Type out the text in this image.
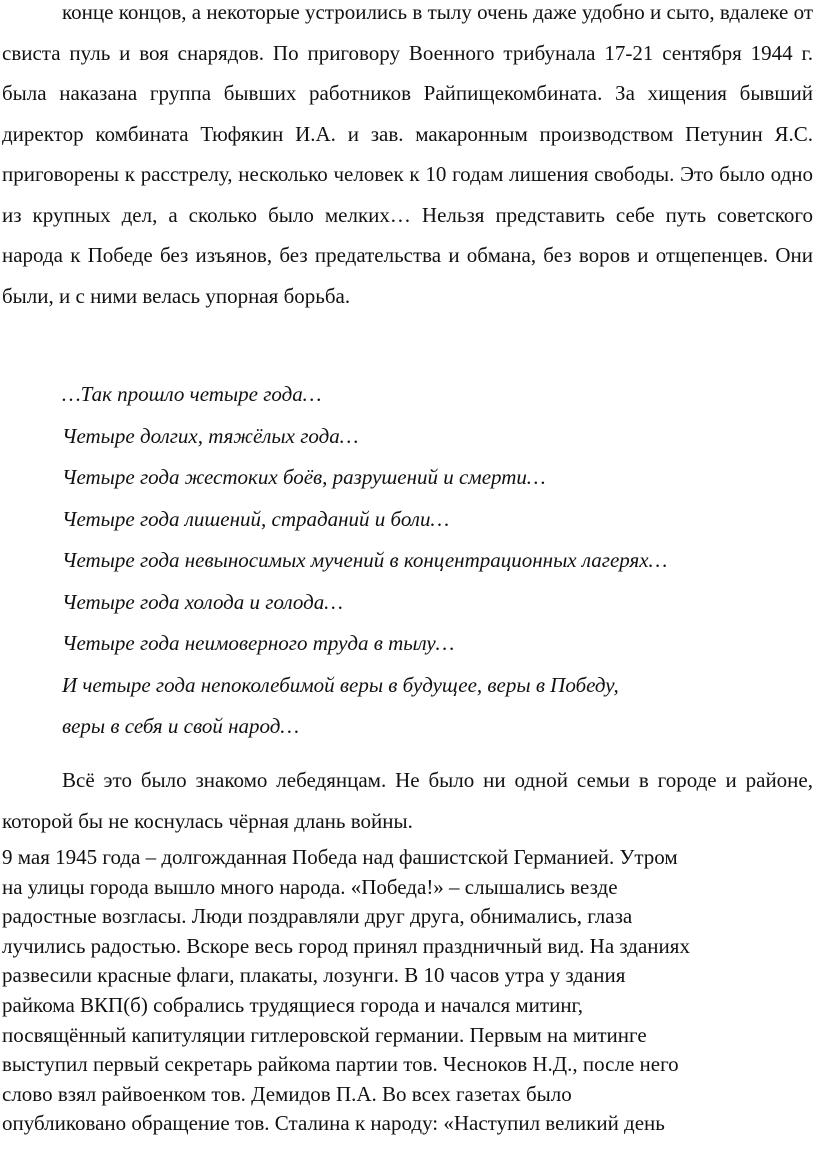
конце концов, а некоторые устроились в тылу очень даже удобно и сыто, вдалеке от свиста пуль и воя снарядов. По приговору Военного трибунала 17-21 сентября 1944 г. была наказана группа бывших работников Райпищекомбината. За хищения бывший директор комбината Тюфякин И.А. и зав. макаронным производством Петунин Я.С. приговорены к расстрелу, несколько человек к 10 годам лишения свободы. Это было одно из крупных дел, а сколько было мелких… Нельзя представить себе путь советского народа к Победе без изъянов, без предательства и обмана, без воров и отщепенцев. Они были, и с ними велась упорная борьба.

…Так прошло четыре года…
Четыре долгих, тяжёлых года…
Четыре года жестоких боёв, разрушений и смерти…
Четыре года лишений, страданий и боли…
Четыре года невыносимых мучений в концентрационных лагерях…
Четыре года холода и голода…
Четыре года неимоверного труда в тылу…
И четыре года непоколебимой веры в будущее, веры в Победу,
веры в себя и свой народ…

Всё это было знакомо лебедянцам. Не было ни одной семьи в городе и районе, которой бы не коснулась чёрная длань войны.

9 мая 1945 года – долгожданная Победа над фашистской Германией. Утром
на улицы города вышло много народа. «Победа!» – слышались везде
радостные возгласы. Люди поздравляли друг друга, обнимались, глаза
лучились радостью. Вскоре весь город принял праздничный вид. На зданиях
развесили красные флаги, плакаты, лозунги. В 10 часов утра у здания
райкома ВКП(б) собрались трудящиеся города и начался митинг,
посвящённый капитуляции гитлеровской германии. Первым на митинге
выступил первый секретарь райкома партии тов. Чесноков Н.Д., после него
слово взял райвоенком тов. Демидов П.А. Во всех газетах было
опубликовано обращение тов. Сталина к народу: «Наступил великий день
